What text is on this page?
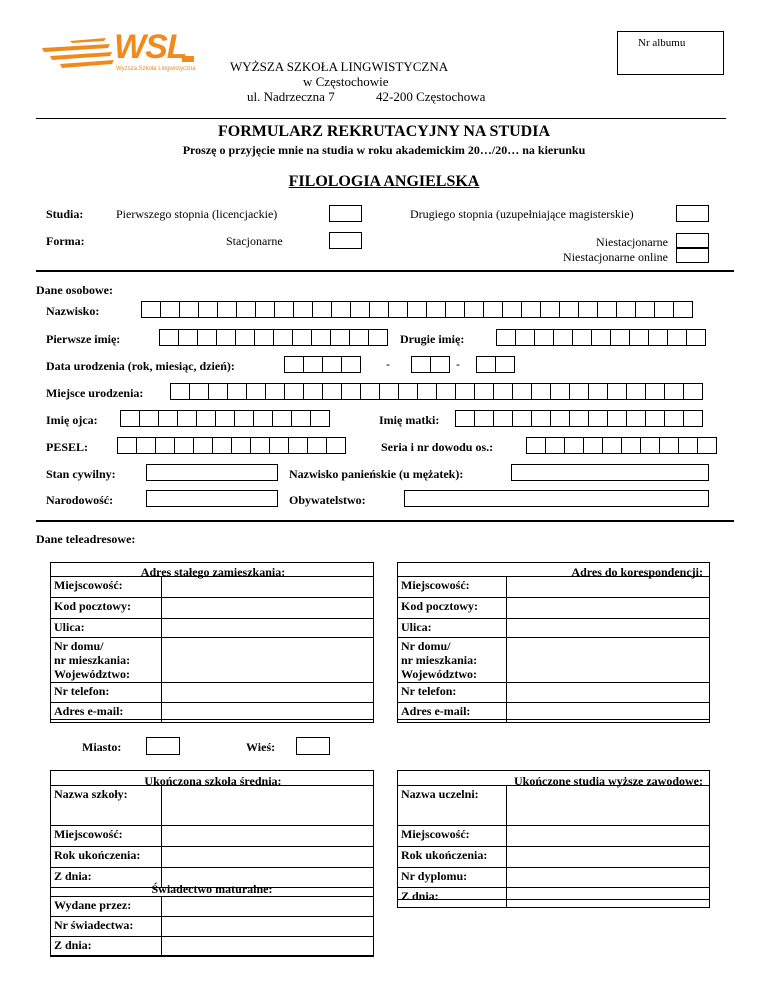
WSL
Wyższa Szkoła Lingwistyczna	WYŻSZA SZKOŁA LINGWISTYCZNA
w Częstochowie
ul. Nadrzeczna 7	42-200 Częstochowa
Nr albumu
FORMULARZ REKRUTACYJNY NA STUDIA
Proszę o przyjęcie mnie na studia w roku akademickim 20…/20… na kierunku
FILOLOGIA ANGIELSKA
Studia:	Pierwszego stopnia (licencjackie)	Drugiego stopnia (uzupełniające magisterskie)
Forma:	Stacjonarne	Niestacjonarne
Niestacjonarne online
Dane osobowe:
Nazwisko:
Pierwsze imię:	Drugie imię:
Data urodzenia (rok, miesiąc, dzień):	-	-
Miejsce urodzenia:
Imię ojca:	Imię matki:
PESEL:	Seria i nr dowodu os.:
Stan cywilny:	Nazwisko panieńskie (u mężatek):
Narodowość:	Obywatelstwo:
Dane teleadresowe:
Adres stałego zamieszkania:
Miejscowość:	
Kod pocztowy:	
Ulica:	
Nr domu/
nr mieszkania:
Województwo:	
Nr telefon:	
Adres e-mail:	
Adres do korespondencji:
Miejscowość:	
Kod pocztowy:	
Ulica:	
Nr domu/
nr mieszkania:
Województwo:	
Nr telefon:	
Adres e-mail:	
Miasto:	Wieś:
Ukończona szkoła średnia:
Nazwa szkoły:	
Miejscowość:	
Rok ukończenia:	
Z dnia:	
Świadectwo maturalne:
Wydane przez:	
Nr świadectwa:	
Z dnia:	
Ukończone studia wyższe zawodowe:
Nazwa uczelni:	
Miejscowość:	
Rok ukończenia:	
Nr dyplomu:	
Z dnia:	
